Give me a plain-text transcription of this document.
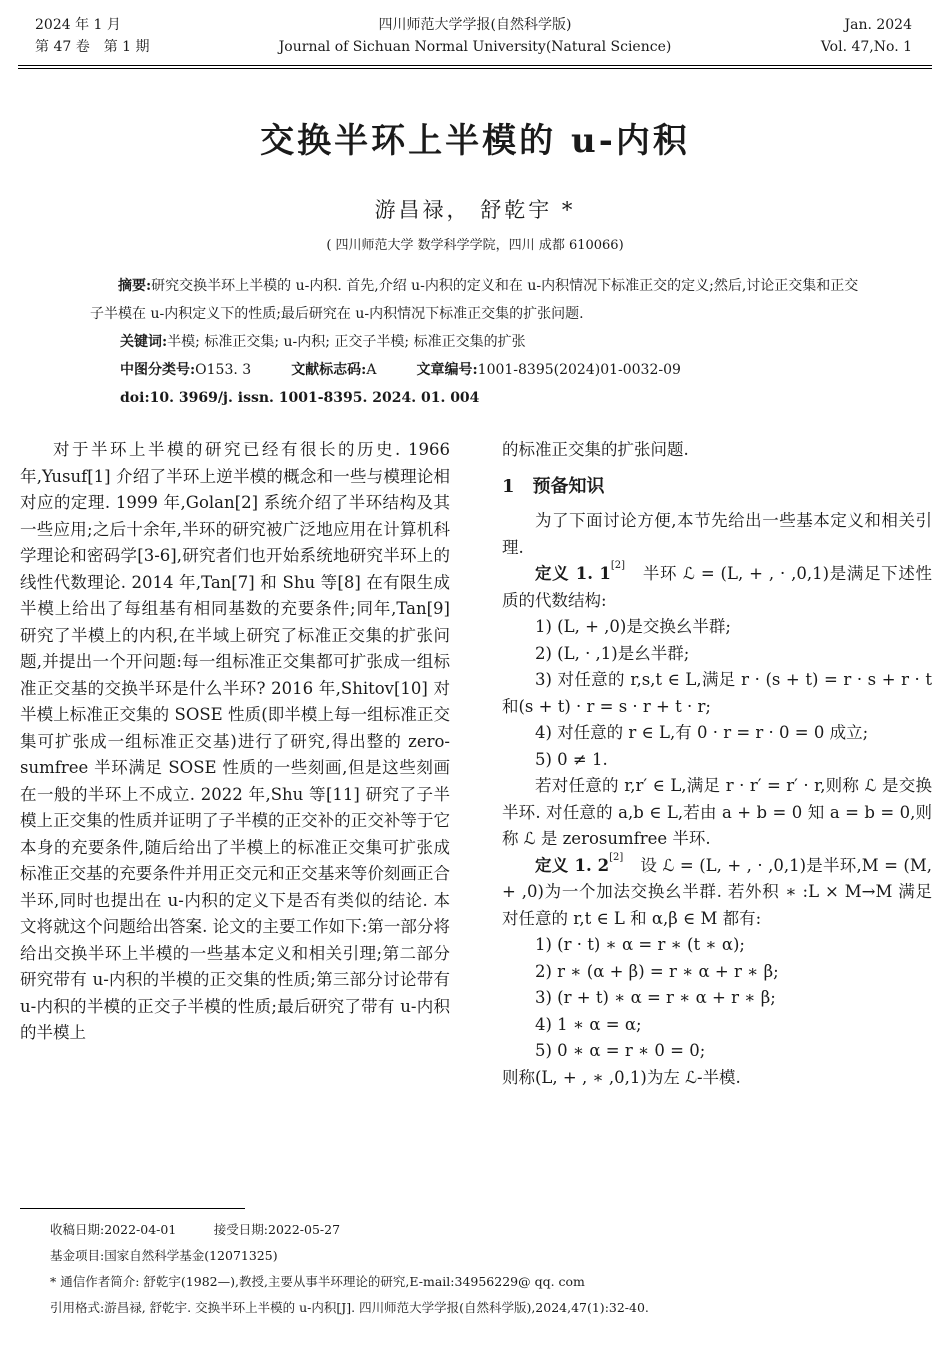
2024 年 1 月
第 47 卷　第 1 期
四川师范大学学报(自然科学版)
Journal of Sichuan Normal University(Natural Science)
Jan. 2024
Vol. 47,No. 1
交换半环上半模的 u-内积
游昌禄， 舒乾宇 *
( 四川师范大学 数学科学学院，四川 成都 610066)
摘要:研究交换半环上半模的 u-内积. 首先,介绍 u-内积的定义和在 u-内积情况下标准正交的定义;然后,讨论正交集和正交子半模在 u-内积定义下的性质;最后研究在 u-内积情况下标准正交集的扩张问题.
关键词:半模; 标准正交集; u-内积; 正交子半模; 标准正交集的扩张
中图分类号:O153. 3	文献标志码:A	文章编号:1001-8395(2024)01-0032-09
doi:10. 3969/j. issn. 1001-8395. 2024. 01. 004

对于半环上半模的研究已经有很长的历史. 1966 年,Yusuf[1] 介绍了半环上逆半模的概念和一些与模理论相对应的定理. 1999 年,Golan[2] 系统介绍了半环结构及其一些应用;之后十余年,半环的研究被广泛地应用在计算机科学理论和密码学[3-6],研究者们也开始系统地研究半环上的线性代数理论. 2014 年,Tan[7] 和 Shu 等[8] 在有限生成半模上给出了每组基有相同基数的充要条件;同年,Tan[9] 研究了半模上的内积,在半域上研究了标准正交集的扩张问题,并提出一个开问题:每一组标准正交集都可扩张成一组标准正交基的交换半环是什么半环? 2016 年,Shitov[10] 对半模上标准正交集的 SOSE 性质(即半模上每一组标准正交集可扩张成一组标准正交基)进行了研究,得出整的 zero-sumfree 半环满足 SOSE 性质的一些刻画,但是这些刻画在一般的半环上不成立. 2022 年,Shu 等[11] 研究了子半模上正交集的性质并证明了子半模的正交补的正交补等于它本身的充要条件,随后给出了半模上的标准正交集可扩张成标准正交基的充要条件并用正交元和正交基来等价刻画正合半环,同时也提出在 u-内积的定义下是否有类似的结论. 本文将就这个问题给出答案. 论文的主要工作如下:第一部分将给出交换半环上半模的一些基本定义和相关引理;第二部分研究带有 u-内积的半模的正交集的性质;第三部分讨论带有 u-内积的半模的正交子半模的性质;最后研究了带有 u-内积的半模上

的标准正交集的扩张问题.

1　预备知识

为了下面讨论方便,本节先给出一些基本定义和相关引理.

定义 1. 1[2]　 半环 ℒ = (L, + , · ,0,1)是满足下述性质的代数结构:

1) (L, + ,0)是交换幺半群;

2) (L, · ,1)是幺半群;

3) 对任意的 r,s,t ∈ L,满足 r · (s + t) = r · s + r · t 和(s + t) · r = s · r + t · r;

4) 对任意的 r ∈ L,有 0 · r = r · 0 = 0 成立;

5) 0 ≠ 1.

若对任意的 r,r′ ∈ L,满足 r · r′ = r′ · r,则称 ℒ 是交换半环. 对任意的 a,b ∈ L,若由 a + b = 0 知 a = b = 0,则称 ℒ 是 zerosumfree 半环.

定义 1. 2[2]　 设 ℒ = (L, + , · ,0,1)是半环,M = (M, + ,0)为一个加法交换幺半群. 若外积 ∗ :L × M→M 满足对任意的 r,t ∈ L 和 α,β ∈ M 都有:

1) (r · t) ∗ α = r ∗ (t ∗ α);

2) r ∗ (α + β) = r ∗ α + r ∗ β;

3) (r + t) ∗ α = r ∗ α + r ∗ β;

4) 1 ∗ α = α;

5) 0 ∗ α = r ∗ 0 = 0;

则称(L, + , ∗ ,0,1)为左 ℒ-半模.

收稿日期:2022-04-01　　　接受日期:2022-05-27

基金项目:国家自然科学基金(12071325)

* 通信作者简介: 舒乾宇(1982—),教授,主要从事半环理论的研究,E-mail:34956229@ qq. com

引用格式:游昌禄, 舒乾宇. 交换半环上半模的 u-内积[J]. 四川师范大学学报(自然科学版),2024,47(1):32-40.
